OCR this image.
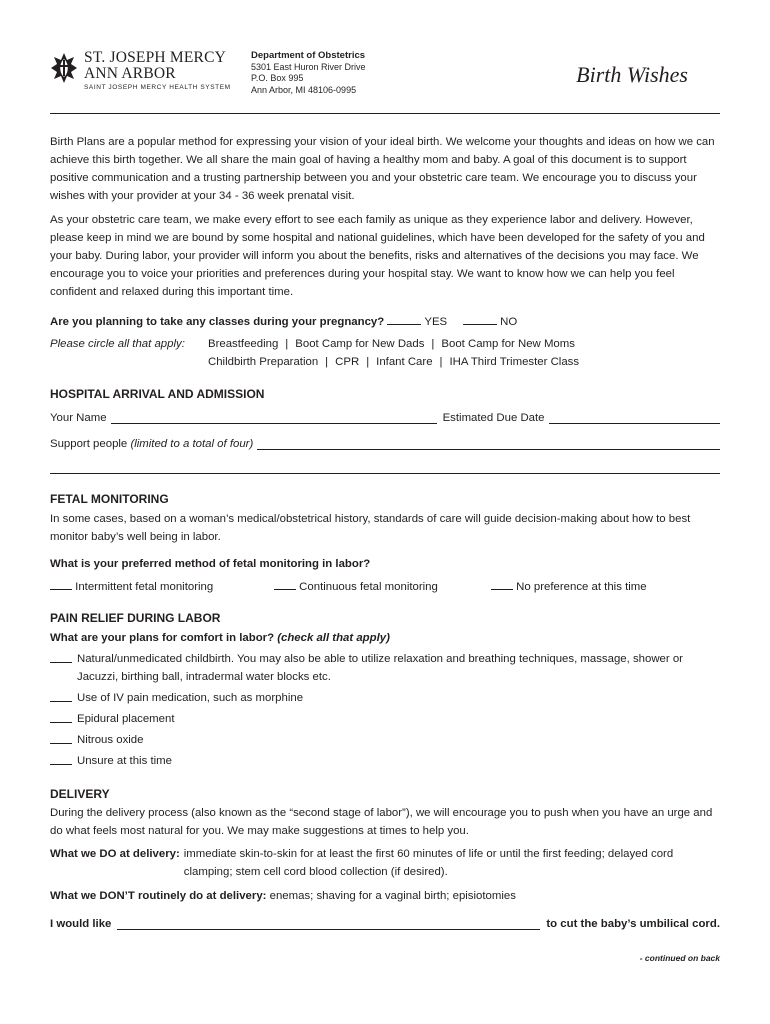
ST. JOSEPH MERCY
ANN ARBOR
SAINT JOSEPH MERCY HEALTH SYSTEM
Department of Obstetrics
5301 East Huron River Drive
P.O. Box 995
Ann Arbor, MI 48106-0995
Birth Wishes

Birth Plans are a popular method for expressing your vision of your ideal birth. We welcome your thoughts and ideas on how we can achieve this birth together. We all share the main goal of having a healthy mom and baby. A goal of this document is to support positive communication and a trusting partnership between you and your obstetric care team. We encourage you to discuss your wishes with your provider at your 34 - 36 week prenatal visit.

As your obstetric care team, we make every effort to see each family as unique as they experience labor and delivery. However, please keep in mind we are bound by some hospital and national guidelines, which have been developed for the safety of you and your baby. During labor, your provider will inform you about the benefits, risks and alternatives of the decisions you may face. We encourage you to voice your priorities and preferences during your hospital stay. We want to know how we can help you feel confident and relaxed during this important time.

Are you planning to take any classes during your pregnancy?	YES	NO
Please circle all that apply:	Breastfeeding | Boot Camp for New Dads | Boot Camp for New Moms
Childbirth Preparation | CPR | Infant Care | IHA Third Trimester Class
HOSPITAL ARRIVAL AND ADMISSION
Your Name	Estimated Due Date
Support people
(limited to a total of four)
FETAL MONITORING

In some cases, based on a woman’s medical/obstetrical history, standards of care will guide decision-making about how to best monitor baby’s well being in labor.

What is your preferred method of fetal monitoring in labor?
Intermittent fetal monitoring	Continuous fetal monitoring	No preference at this time
PAIN RELIEF DURING LABOR
What are your plans for comfort in labor? (check all that apply)
Natural/unmedicated childbirth. You may also be able to utilize relaxation and breathing techniques, massage, shower or Jacuzzi, birthing ball, intradermal water blocks etc.
Use of IV pain medication, such as morphine
Epidural placement
Nitrous oxide
Unsure at this time
DELIVERY

During the delivery process (also known as the “second stage of labor”), we will encourage you to push when you have an urge and do what feels most natural for you. We may make suggestions at times to help you.

What we DO at delivery: immediate skin-to-skin for at least the first 60 minutes of life or until the first feeding; delayed cord clamping; stem cell cord blood collection (if desired).
What we DON’T routinely do at delivery: enemas; shaving for a vaginal birth; episiotomies
I would like	to cut the baby’s umbilical cord.
- continued on back
